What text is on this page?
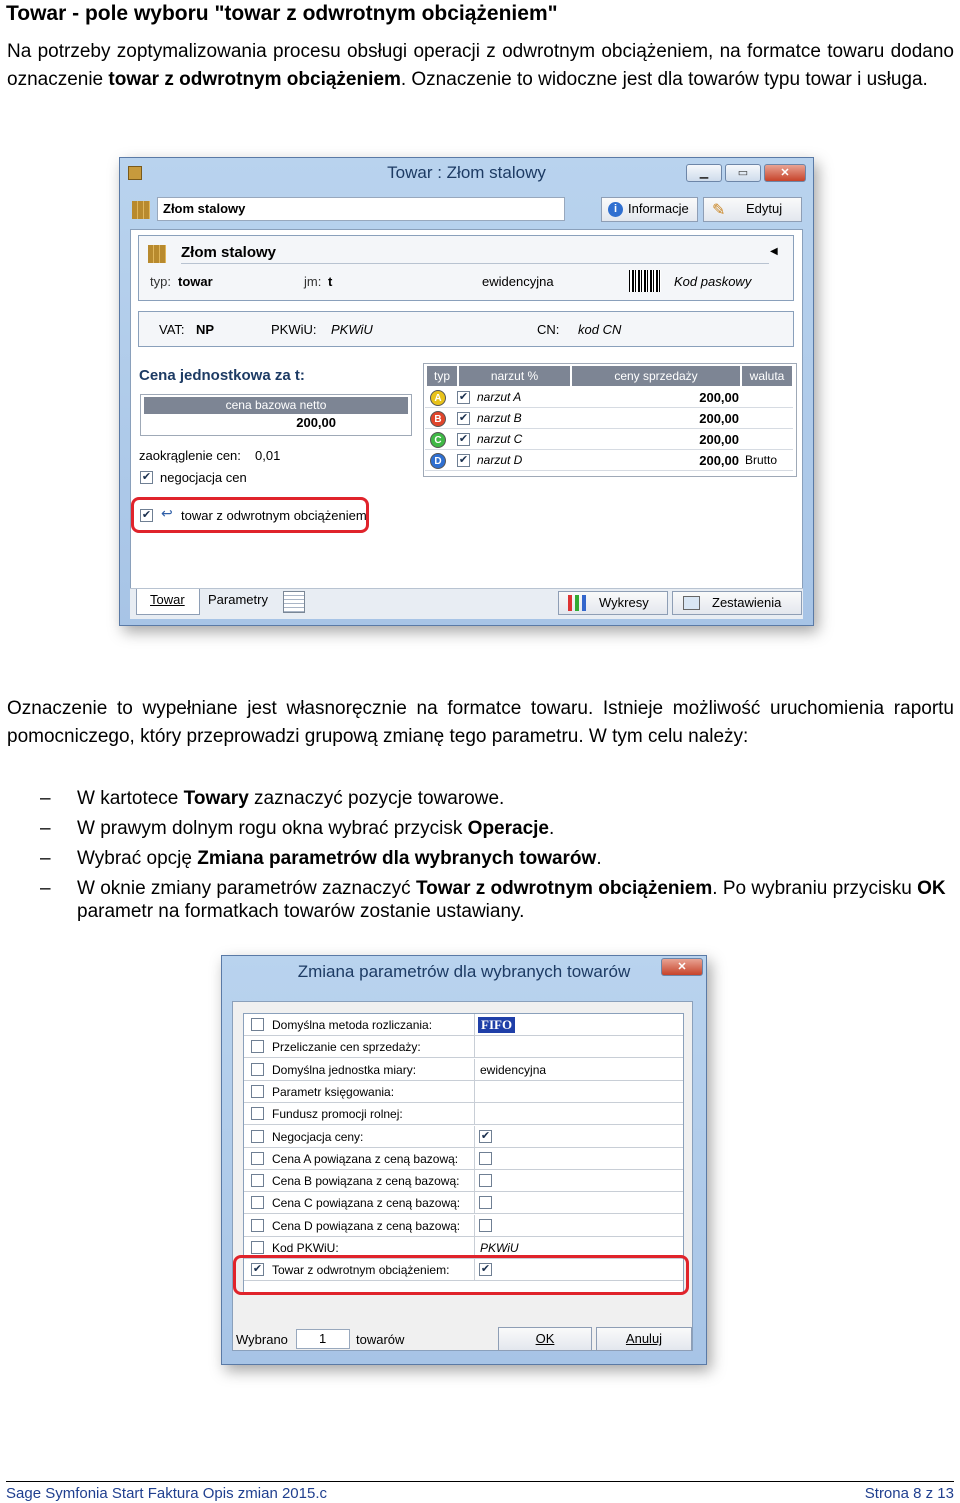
Towar - pole wyboru "towar z odwrotnym obciążeniem"
Na potrzeby zoptymalizowania procesu obsługi operacji z odwrotnym obciążeniem, na formatce towaru dodano oznaczenie towar z odwrotnym obciążeniem. Oznaczenie to widoczne jest dla towarów typu towar i usługa.
Towar : Złom stalowy	▁	▭	✕
Złom stalowy	i Informacje	✎ Edytuj
Złom stalowy	◀
typ: towar	jm: t	ewidencyjna	Kod paskowy
VAT: NP	PKWiU: PKWiU	CN: kod CN
Cena jednostkowa za t:
cena bazowa netto
200,00
zaokrąglenie cen: 0,01
✔ negocjacja cen
✔ ↩ towar z odwrotnym obciążeniem
typ	narzut %	ceny sprzedaży	waluta
Towar	Parametry	Wykresy	Zestawienia
A	✔ narzut A	200,00
B	✔ narzut B	200,00
C	✔ narzut C	200,00
D	✔ narzut D	200,00 Brutto
Oznaczenie to wypełniane jest własnoręcznie na formatce towaru. Istnieje możliwość uruchomienia raportu pomocniczego, który przeprowadzi grupową zmianę tego parametru. W tym celu należy:
– W kartotece Towary zaznaczyć pozycje towarowe.
– W prawym dolnym rogu okna wybrać przycisk Operacje.
– Wybrać opcję Zmiana parametrów dla wybranych towarów.
– W oknie zmiany parametrów zaznaczyć Towar z odwrotnym obciążeniem. Po wybraniu przycisku OK parametr na formatkach towarów zostanie ustawiany.
Zmiana parametrów dla wybranych towarów	✕
Domyślna metoda rozliczania:	FIFO
Przeliczanie cen sprzedaży:
Domyślna jednostka miary:	ewidencyjna
Parametr księgowania:
Fundusz promocji rolnej:
Negocjacja ceny:	✔
Cena A powiązana z ceną bazową:
Cena B powiązana z ceną bazową:
Cena C powiązana z ceną bazową:
Cena D powiązana z ceną bazową:
Kod PKWiU:	PKWiU
✔ Towar z odwrotnym obciążeniem:	✔
Wybrano	1	towarów	OK	Anuluj
Sage Symfonia Start Faktura Opis zmian 2015.c	Strona 8 z 13
